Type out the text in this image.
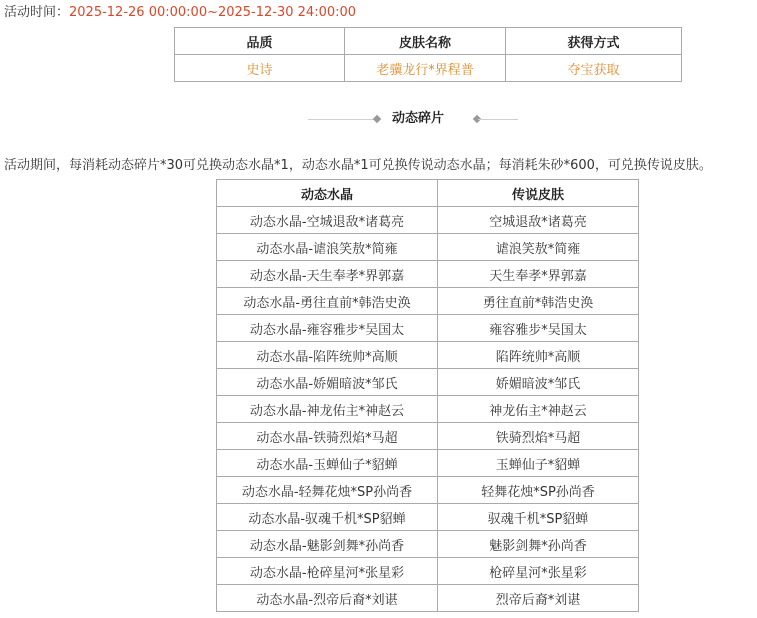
活动时间：2025-12-26 00:00:00~2025-12-30 24:00:00
品质	皮肤名称	获得方式
史诗	老骥龙行*界程普	夺宝获取
动态碎片
活动期间，每消耗动态碎片*30可兑换动态水晶*1，动态水晶*1可兑换传说动态水晶；每消耗朱砂*600，可兑换传说皮肤。
动态水晶	传说皮肤
动态水晶-空城退敌*诸葛亮	空城退敌*诸葛亮
动态水晶-谑浪笑敖*简雍	谑浪笑敖*简雍
动态水晶-天生奉孝*界郭嘉	天生奉孝*界郭嘉
动态水晶-勇往直前*韩浩史涣	勇往直前*韩浩史涣
动态水晶-雍容雅步*吴国太	雍容雅步*吴国太
动态水晶-陷阵统帅*高顺	陷阵统帅*高顺
动态水晶-娇媚暗波*邹氏	娇媚暗波*邹氏
动态水晶-神龙佑主*神赵云	神龙佑主*神赵云
动态水晶-铁骑烈焰*马超	铁骑烈焰*马超
动态水晶-玉蝉仙子*貂蝉	玉蝉仙子*貂蝉
动态水晶-轻舞花烛*SP孙尚香	轻舞花烛*SP孙尚香
动态水晶-驭魂千机*SP貂蝉	驭魂千机*SP貂蝉
动态水晶-魅影剑舞*孙尚香	魅影剑舞*孙尚香
动态水晶-枪碎星河*张星彩	枪碎星河*张星彩
动态水晶-烈帝后裔*刘谌	烈帝后裔*刘谌
